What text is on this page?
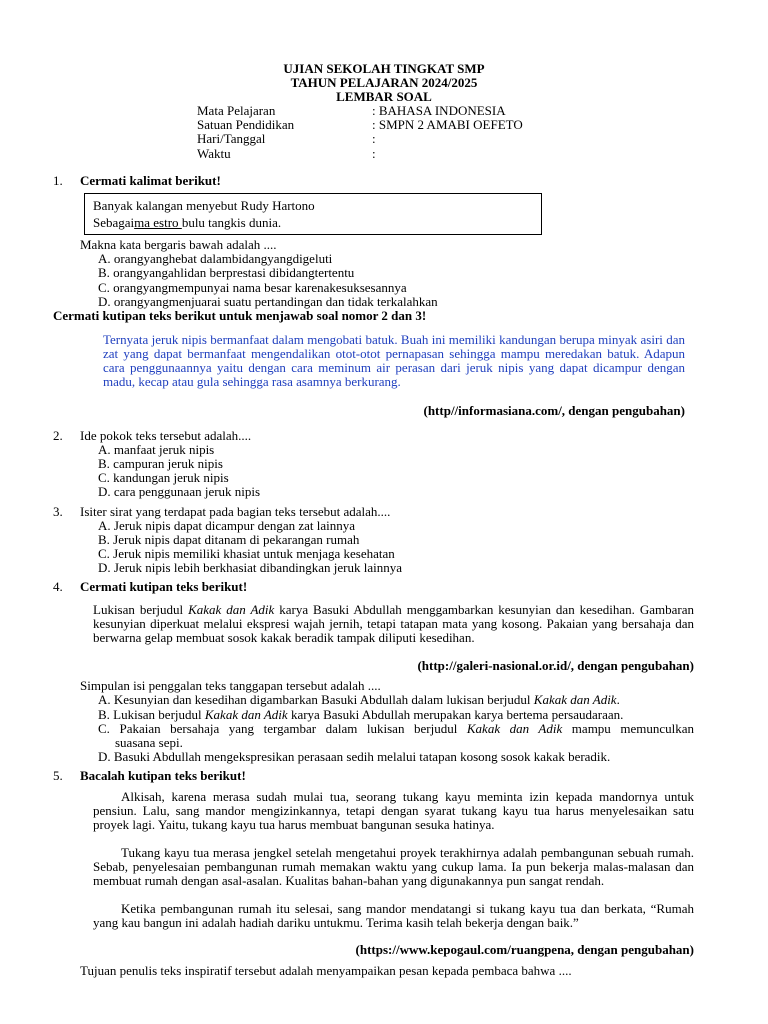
UJIAN SEKOLAH TINGKAT SMP
TAHUN PELAJARAN 2024/2025
LEMBAR SOAL
Mata Pelajaran	: BAHASA INDONESIA
Satuan Pendidikan	: SMPN 2 AMABI OEFETO
Hari/Tanggal	:
Waktu	:
1. Cermati kalimat berikut!
Banyak kalangan menyebut Rudy Hartono
Sebagaima estro bulu tangkis dunia.
Makna kata bergaris bawah adalah ....
A. orangyanghebat dalambidangyangdigeluti
B. orangyangahlidan berprestasi dibidangtertentu
C. orangyangmempunyai nama besar karenakesuksesannya
D. orangyangmenjuarai suatu pertandingan dan tidak terkalahkan
Cermati kutipan teks berikut untuk menjawab soal nomor 2 dan 3!

Ternyata jeruk nipis bermanfaat dalam mengobati batuk. Buah ini memiliki kandungan berupa minyak asiri dan zat yang dapat bermanfaat mengendalikan otot-otot pernapasan sehingga mampu meredakan batuk. Adapun cara penggunaannya yaitu dengan cara meminum air perasan dari jeruk nipis yang dapat dicampur dengan madu, kecap atau gula sehingga rasa asamnya berkurang.

(http//informasiana.com/, dengan pengubahan)
2. Ide pokok teks tersebut adalah....
A. manfaat jeruk nipis
B. campuran jeruk nipis
C. kandungan jeruk nipis
D. cara penggunaan jeruk nipis
3. Isiter sirat yang terdapat pada bagian teks tersebut adalah....
A. Jeruk nipis dapat dicampur dengan zat lainnya
B. Jeruk nipis dapat ditanam di pekarangan rumah
C. Jeruk nipis memiliki khasiat untuk menjaga kesehatan
D. Jeruk nipis lebih berkhasiat dibandingkan jeruk lainnya
4. Cermati kutipan teks berikut!

Lukisan berjudul Kakak dan Adik karya Basuki Abdullah menggambarkan kesunyian dan kesedihan. Gambaran kesunyian diperkuat melalui ekspresi wajah jernih, tetapi tatapan mata yang kosong. Pakaian yang bersahaja dan berwarna gelap membuat sosok kakak beradik tampak diliputi kesedihan.

(http://galeri-nasional.or.id/, dengan pengubahan)
Simpulan isi penggalan teks tanggapan tersebut adalah ....
A. Kesunyian dan kesedihan digambarkan Basuki Abdullah dalam lukisan berjudul Kakak dan Adik.
B. Lukisan berjudul Kakak dan Adik karya Basuki Abdullah merupakan karya bertema persaudaraan.
C. Pakaian bersahaja yang tergambar dalam lukisan berjudul Kakak dan Adik mampu memunculkan
suasana sepi.
D. Basuki Abdullah mengekspresikan perasaan sedih melalui tatapan kosong sosok kakak beradik.
5. Bacalah kutipan teks berikut!

Alkisah, karena merasa sudah mulai tua, seorang tukang kayu meminta izin kepada mandornya untuk pensiun. Lalu, sang mandor mengizinkannya, tetapi dengan syarat tukang kayu tua harus menyelesaikan satu proyek lagi. Yaitu, tukang kayu tua harus membuat bangunan sesuka hatinya.

Tukang kayu tua merasa jengkel setelah mengetahui proyek terakhirnya adalah pembangunan sebuah rumah. Sebab, penyelesaian pembangunan rumah memakan waktu yang cukup lama. Ia pun bekerja malas-malasan dan membuat rumah dengan asal-asalan. Kualitas bahan-bahan yang digunakannya pun sangat rendah.

Ketika pembangunan rumah itu selesai, sang mandor mendatangi si tukang kayu tua dan berkata, “Rumah yang kau bangun ini adalah hadiah dariku untukmu. Terima kasih telah bekerja dengan baik.”

(https://www.kepogaul.com/ruangpena, dengan pengubahan)
Tujuan penulis teks inspiratif tersebut adalah menyampaikan pesan kepada pembaca bahwa ....
